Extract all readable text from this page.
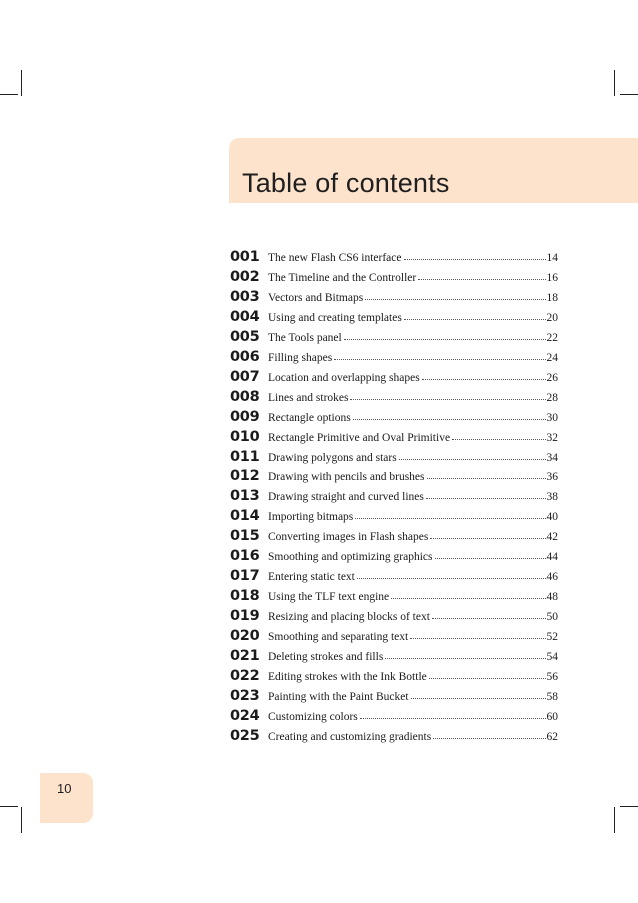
Table of contents
001 The new Flash CS6 interface	14
002 The Timeline and the Controller	16
003 Vectors and Bitmaps	18
004 Using and creating templates	20
005 The Tools panel	22
006 Filling shapes	24
007 Location and overlapping shapes	26
008 Lines and strokes	28
009 Rectangle options	30
010 Rectangle Primitive and Oval Primitive	32
011 Drawing polygons and stars	34
012 Drawing with pencils and brushes	36
013 Drawing straight and curved lines	38
014 Importing bitmaps	40
015 Converting images in Flash shapes	42
016 Smoothing and optimizing graphics	44
017 Entering static text	46
018 Using the TLF text engine	48
019 Resizing and placing blocks of text	50
020 Smoothing and separating text	52
021 Deleting strokes and fills	54
022 Editing strokes with the Ink Bottle	56
023 Painting with the Paint Bucket	58
024 Customizing colors	60
025 Creating and customizing gradients	62
10
